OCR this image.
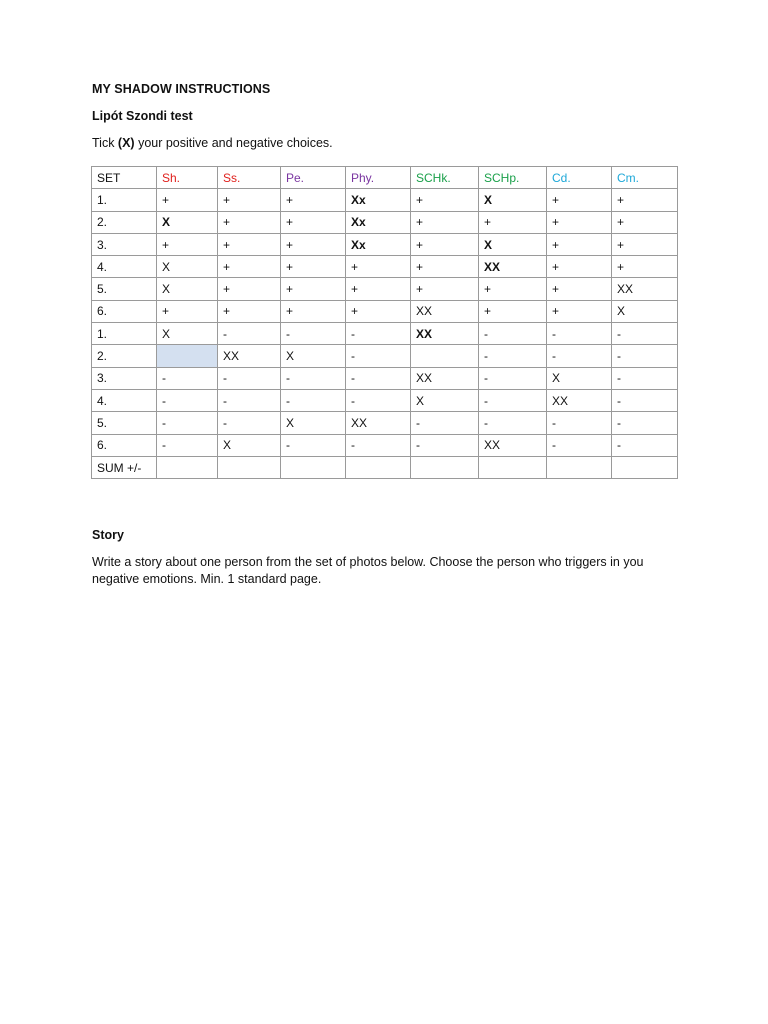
MY SHADOW INSTRUCTIONS
Lipót Szondi test
Tick (X) your positive and negative choices.
SET	Sh.	Ss.	Pe.	Phy.	SCHk.	SCHp.	Cd.	Cm.
1.	+	+	+	Xx	+	X	+	+
2.	X	+	+	Xx	+	+	+	+
3.	+	+	+	Xx	+	X	+	+
4.	X	+	+	+	+	XX	+	+
5.	X	+	+	+	+	+	+	XX
6.	+	+	+	+	XX	+	+	X
1.	X	-	-	-	XX	-	-	-
2.		XX	X	-		-	-	-
3.	-	-	-	-	XX	-	X	-
4.	-	-	-	-	X	-	XX	-
5.	-	-	X	XX	-	-	-	-
6.	-	X	-	-	-	XX	-	-
SUM +/-								
Story
Write a story about one person from the set of photos below. Choose the person who triggers in you negative emotions. Min. 1 standard page.
